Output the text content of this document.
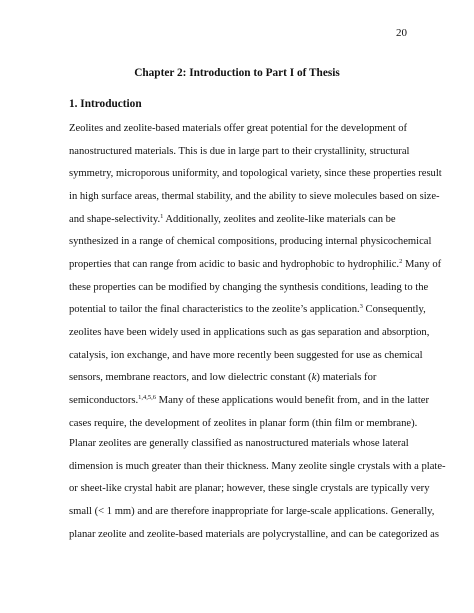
20
Chapter 2: Introduction to Part I of Thesis
1. Introduction

Zeolites and zeolite-based materials offer great potential for the development of

nanostructured materials. This is due in large part to their crystallinity, structural

symmetry, microporous uniformity, and topological variety, since these properties result

in high surface areas, thermal stability, and the ability to sieve molecules based on size-

and shape-selectivity.$^1$ Additionally, zeolites and zeolite-like materials can be

synthesized in a range of chemical compositions, producing internal physicochemical

properties that can range from acidic to basic and hydrophobic to hydrophilic.$^2$ Many of

these properties can be modified by changing the synthesis conditions, leading to the

potential to tailor the final characteristics to the zeolite’s application.$^3$ Consequently,

zeolites have been widely used in applications such as gas separation and absorption,

catalysis, ion exchange, and have more recently been suggested for use as chemical

sensors, membrane reactors, and low dielectric constant (k) materials for

semiconductors.$^{1,4,5,6}$ Many of these applications would benefit from, and in the latter

cases require, the development of zeolites in planar form (thin film or membrane).

Planar zeolites are generally classified as nanostructured materials whose lateral

dimension is much greater than their thickness. Many zeolite single crystals with a plate-

or sheet-like crystal habit are planar; however, these single crystals are typically very

small (< 1 mm) and are therefore inappropriate for large-scale applications. Generally,

planar zeolite and zeolite-based materials are polycrystalline, and can be categorized as
